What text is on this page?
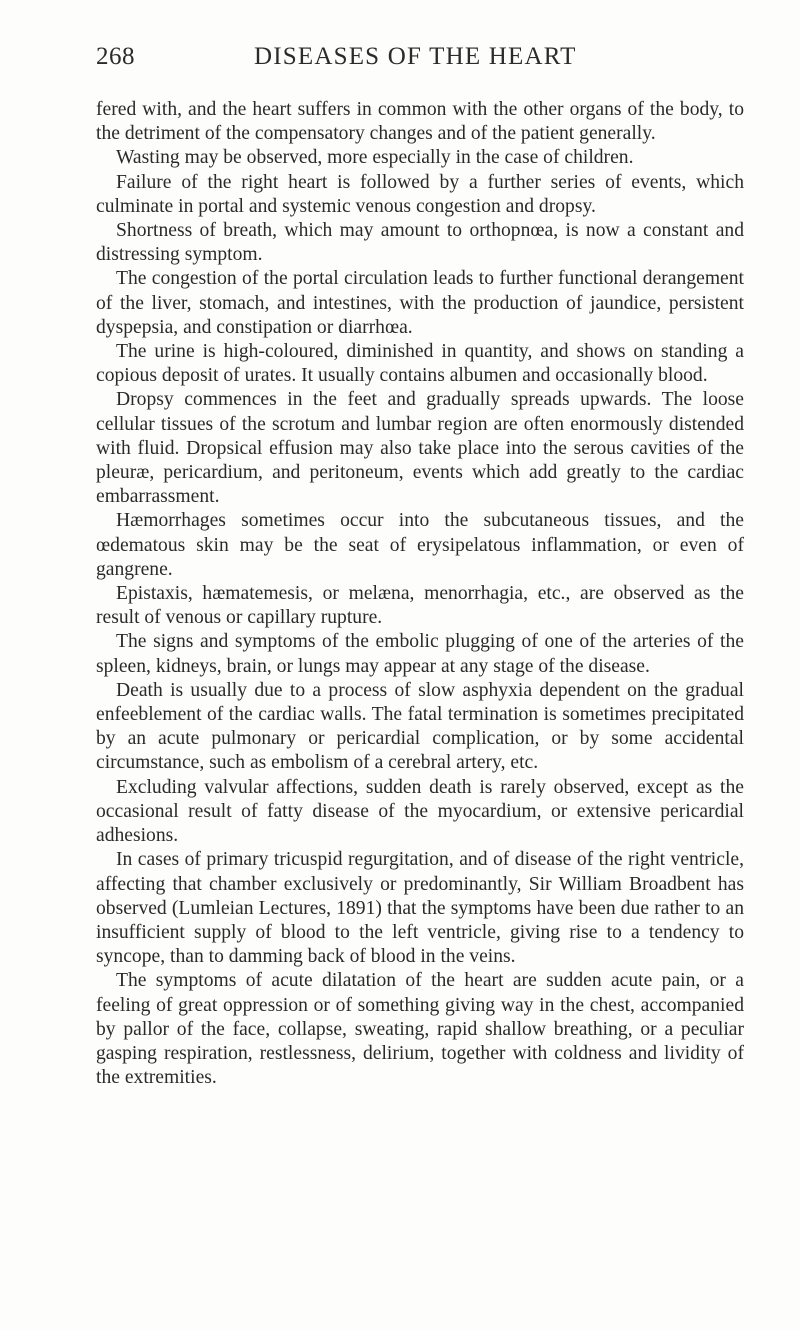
268	DISEASES OF THE HEART

fered with, and the heart suffers in common with the other organs of the body, to the detriment of the compensatory changes and of the patient generally.

Wasting may be observed, more especially in the case of children.

Failure of the right heart is followed by a further series of events, which culminate in portal and systemic venous congestion and dropsy.

Shortness of breath, which may amount to orthopnœa, is now a constant and distressing symptom.

The congestion of the portal circulation leads to further functional derangement of the liver, stomach, and intestines, with the production of jaundice, persistent dyspepsia, and constipation or diarrhœa.

The urine is high-coloured, diminished in quantity, and shows on standing a copious deposit of urates. It usually contains albumen and occasionally blood.

Dropsy commences in the feet and gradually spreads upwards. The loose cellular tissues of the scrotum and lumbar region are often enormously distended with fluid. Dropsical effusion may also take place into the serous cavities of the pleuræ, pericardium, and peritoneum, events which add greatly to the cardiac embarrassment.

Hæmorrhages sometimes occur into the subcutaneous tissues, and the œdematous skin may be the seat of erysipelatous inflammation, or even of gangrene.

Epistaxis, hæmatemesis, or melæna, menorrhagia, etc., are observed as the result of venous or capillary rupture.

The signs and symptoms of the embolic plugging of one of the arteries of the spleen, kidneys, brain, or lungs may appear at any stage of the disease.

Death is usually due to a process of slow asphyxia dependent on the gradual enfeeblement of the cardiac walls. The fatal termination is sometimes precipitated by an acute pulmonary or pericardial complication, or by some accidental circumstance, such as embolism of a cerebral artery, etc.

Excluding valvular affections, sudden death is rarely observed, except as the occasional result of fatty disease of the myocardium, or extensive pericardial adhesions.

In cases of primary tricuspid regurgitation, and of disease of the right ventricle, affecting that chamber exclusively or predominantly, Sir William Broadbent has observed (Lumleian Lectures, 1891) that the symptoms have been due rather to an insufficient supply of blood to the left ventricle, giving rise to a tendency to syncope, than to damming back of blood in the veins.

The symptoms of acute dilatation of the heart are sudden acute pain, or a feeling of great oppression or of something giving way in the chest, accompanied by pallor of the face, collapse, sweating, rapid shallow breathing, or a peculiar gasping respiration, restlessness, delirium, together with coldness and lividity of the extremities.
